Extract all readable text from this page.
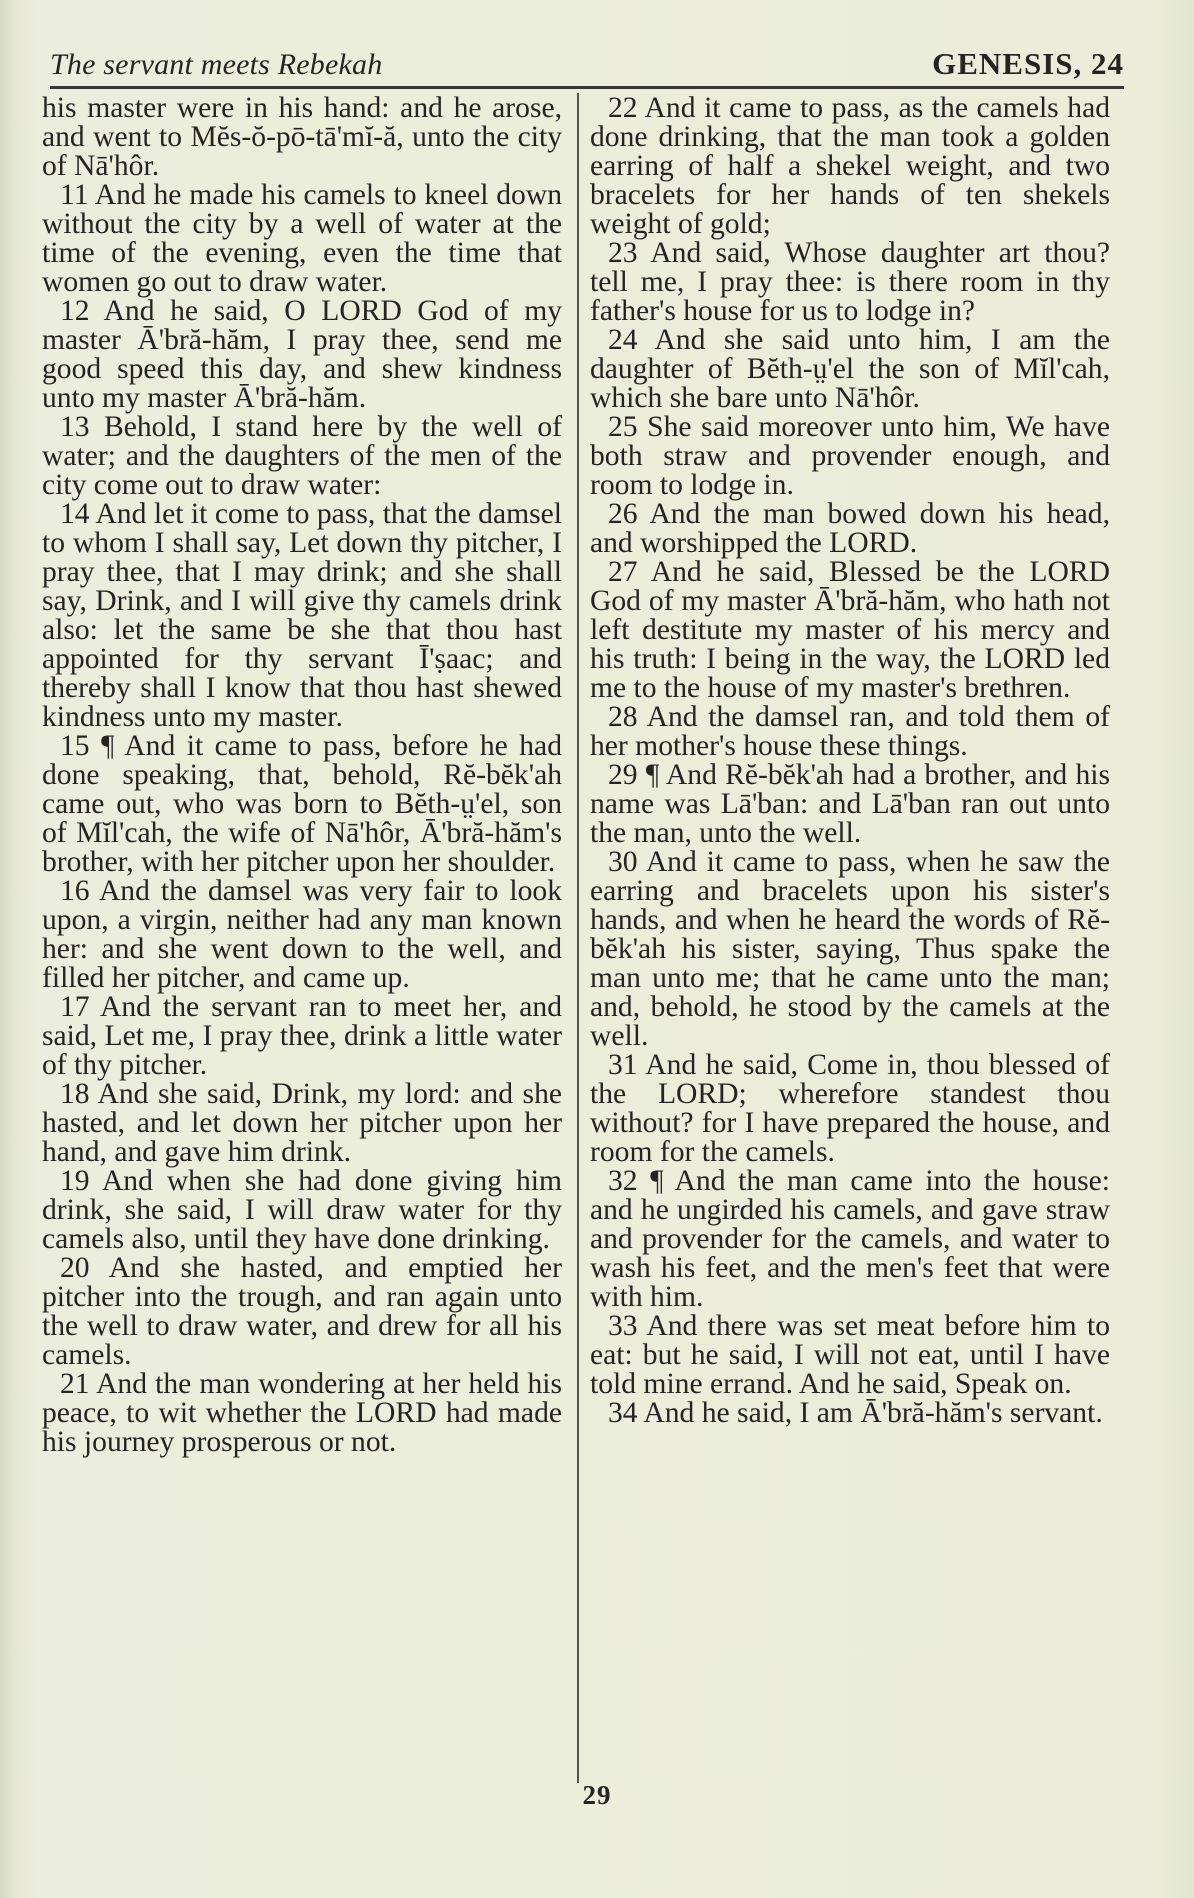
The servant meets Rebekah	GENESIS, 24

his master were in his hand: and he arose, and went to Mĕs-ŏ-pō-tā'mĭ-ă, unto the city of Nā'hôr.

11 And he made his camels to kneel down without the city by a well of water at the time of the evening, even the time that women go out to draw water.

12 And he said, O LORD God of my master Ā'bră-hăm, I pray thee, send me good speed this day, and shew kindness unto my master Ā'bră-hăm.

13 Behold, I stand here by the well of water; and the daughters of the men of the city come out to draw water:

14 And let it come to pass, that the damsel to whom I shall say, Let down thy pitcher, I pray thee, that I may drink; and she shall say, Drink, and I will give thy camels drink also: let the same be she that thou hast appointed for thy servant Ī'ṣaac; and thereby shall I know that thou hast shewed kindness unto my master.

15 ¶ And it came to pass, before he had done speaking, that, behold, Rĕ-bĕk'ah came out, who was born to Bĕth-ṳ'el, son of Mĭl'cah, the wife of Nā'hôr, Ā'bră-hăm's brother, with her pitcher upon her shoulder.

16 And the damsel was very fair to look upon, a virgin, neither had any man known her: and she went down to the well, and filled her pitcher, and came up.

17 And the servant ran to meet her, and said, Let me, I pray thee, drink a little water of thy pitcher.

18 And she said, Drink, my lord: and she hasted, and let down her pitcher upon her hand, and gave him drink.

19 And when she had done giving him drink, she said, I will draw water for thy camels also, until they have done drinking.

20 And she hasted, and emptied her pitcher into the trough, and ran again unto the well to draw water, and drew for all his camels.

21 And the man wondering at her held his peace, to wit whether the LORD had made his journey prosperous or not.

22 And it came to pass, as the camels had done drinking, that the man took a golden earring of half a shekel weight, and two bracelets for her hands of ten shekels weight of gold;

23 And said, Whose daughter art thou? tell me, I pray thee: is there room in thy father's house for us to lodge in?

24 And she said unto him, I am the daughter of Bĕth-ṳ'el the son of Mĭl'cah, which she bare unto Nā'hôr.

25 She said moreover unto him, We have both straw and provender enough, and room to lodge in.

26 And the man bowed down his head, and worshipped the LORD.

27 And he said, Blessed be the LORD God of my master Ā'bră-hăm, who hath not left destitute my master of his mercy and his truth: I being in the way, the LORD led me to the house of my master's brethren.

28 And the damsel ran, and told them of her mother's house these things.

29 ¶ And Rĕ-bĕk'ah had a brother, and his name was Lā'ban: and Lā'ban ran out unto the man, unto the well.

30 And it came to pass, when he saw the earring and bracelets upon his sister's hands, and when he heard the words of Rĕ-bĕk'ah his sister, saying, Thus spake the man unto me; that he came unto the man; and, behold, he stood by the camels at the well.

31 And he said, Come in, thou blessed of the LORD; wherefore standest thou without? for I have prepared the house, and room for the camels.

32 ¶ And the man came into the house: and he ungirded his camels, and gave straw and provender for the camels, and water to wash his feet, and the men's feet that were with him.

33 And there was set meat before him to eat: but he said, I will not eat, until I have told mine errand. And he said, Speak on.

34 And he said, I am Ā'bră-hăm's servant.

29
